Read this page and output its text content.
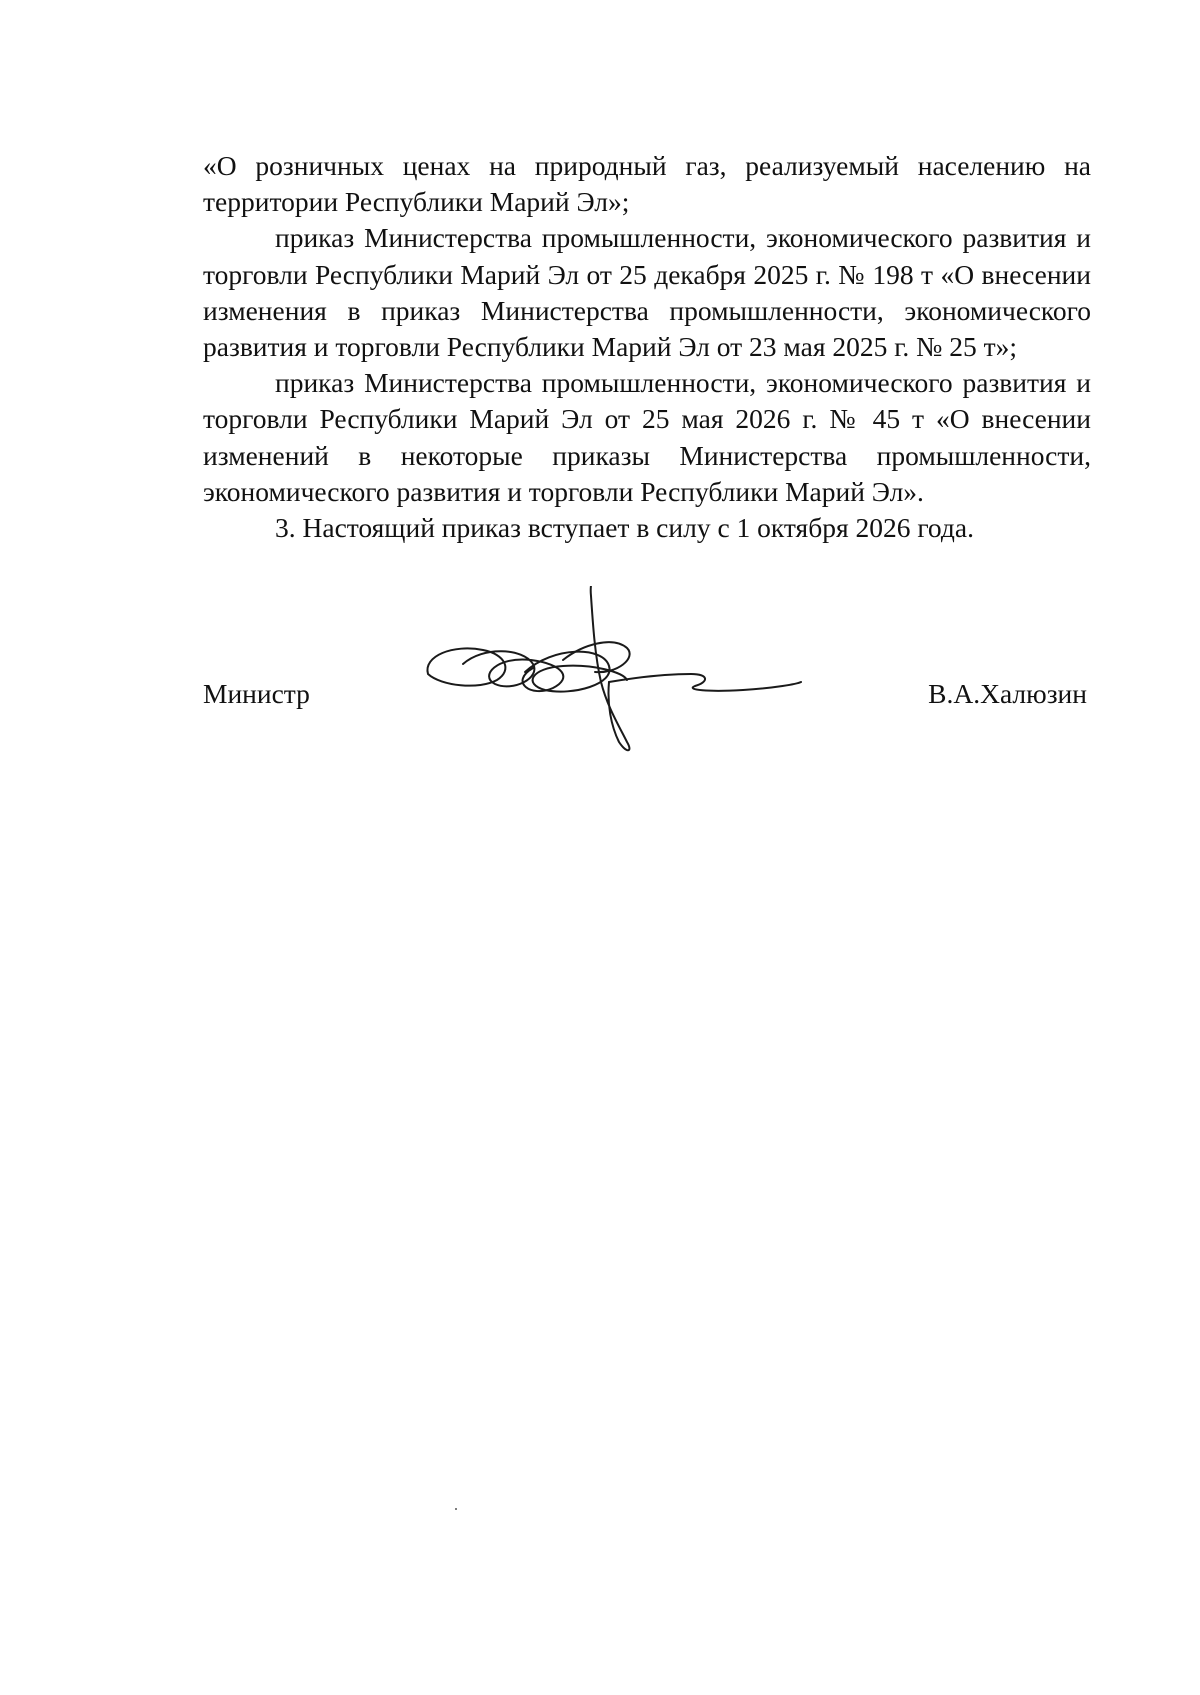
«О розничных ценах на природный газ, реализуемый населению на территории Республики Марий Эл»;

приказ Министерства промышленности, экономического развития и торговли Республики Марий Эл от 25 декабря 2025 г. № 198 т «О внесении изменения в приказ Министерства промышленности, экономического развития и торговли Республики Марий Эл от 23 мая 2025 г. № 25 т»;

приказ Министерства промышленности, экономического развития и торговли Республики Марий Эл от 25 мая 2026 г. № 45 т «О внесении изменений в некоторые приказы Министерства промышленности, экономического развития и торговли Республики Марий Эл».

3. Настоящий приказ вступает в силу с 1 октября 2026 года.

Министр	В.А.Халюзин
